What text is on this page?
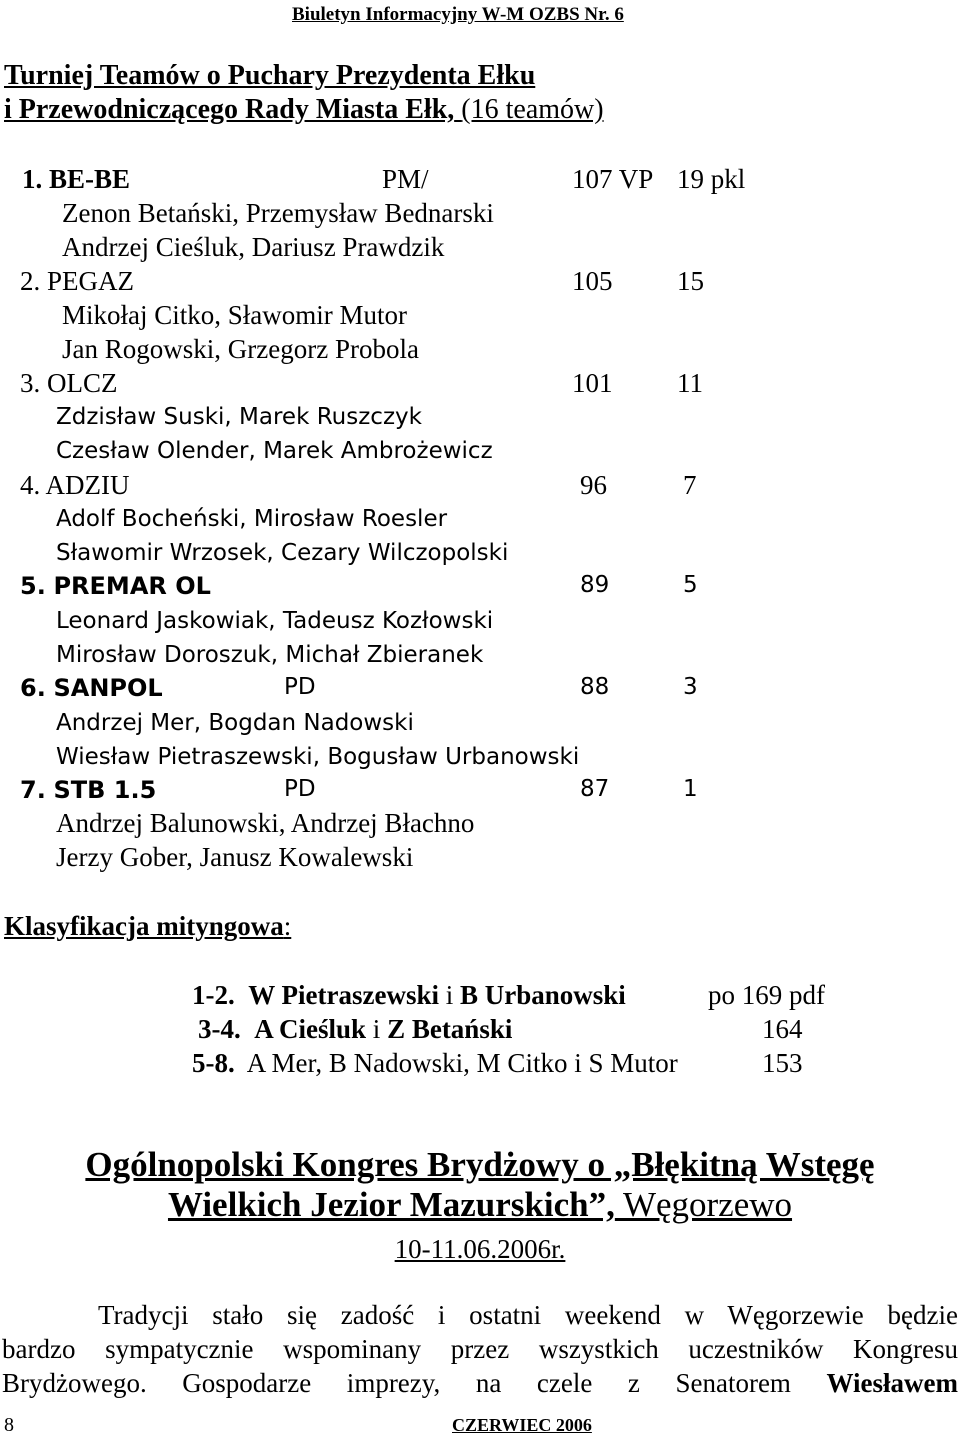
Biuletyn Informacyjny W-M OZBS Nr. 6
Turniej Teamów o Puchary Prezydenta Ełku
i Przewodniczącego Rady Miasta Ełk, (16 teamów)
1. BE-BE	PM/	107 VP 19 pkl
Zenon Betański, Przemysław Bednarski
Andrzej Cieśluk, Dariusz Prawdzik
2. PEGAZ	105 15
Mikołaj Citko, Sławomir Mutor
Jan Rogowski, Grzegorz Probola
3. OLCZ	101 11
Zdzisław Suski, Marek Ruszczyk
Czesław Olender, Marek Ambrożewicz
4. ADZIU	96	7
Adolf Bocheński, Mirosław Roesler
Sławomir Wrzosek, Cezary Wilczopolski
5. PREMAR OL	89	5
Leonard Jaskowiak, Tadeusz Kozłowski
Mirosław Doroszuk, Michał Zbieranek
6. SANPOL	PD	88	3
Andrzej Mer, Bogdan Nadowski
Wiesław Pietraszewski, Bogusław Urbanowski
7. STB 1.5	PD	87	1
Andrzej Balunowski, Andrzej Błachno
Jerzy Gober, Janusz Kowalewski
Klasyfikacja mityngowa:
1-2. W Pietraszewski i B Urbanowski	po 169 pdf
3-4. A Cieśluk i Z Betański	164
5-8. A Mer, B Nadowski, M Citko i S Mutor	153
Ogólnopolski Kongres Brydżowy o „Błękitną Wstęgę
Wielkich Jezior Mazurskich”, Węgorzewo
10-11.06.2006r.
Tradycji stało się zadość i ostatni weekend w Węgorzewie będzie
bardzo sympatycznie wspominany przez wszystkich uczestników Kongresu
Brydżowego. Gospodarze imprezy, na czele z Senatorem Wiesławem
8	CZERWIEC 2006
